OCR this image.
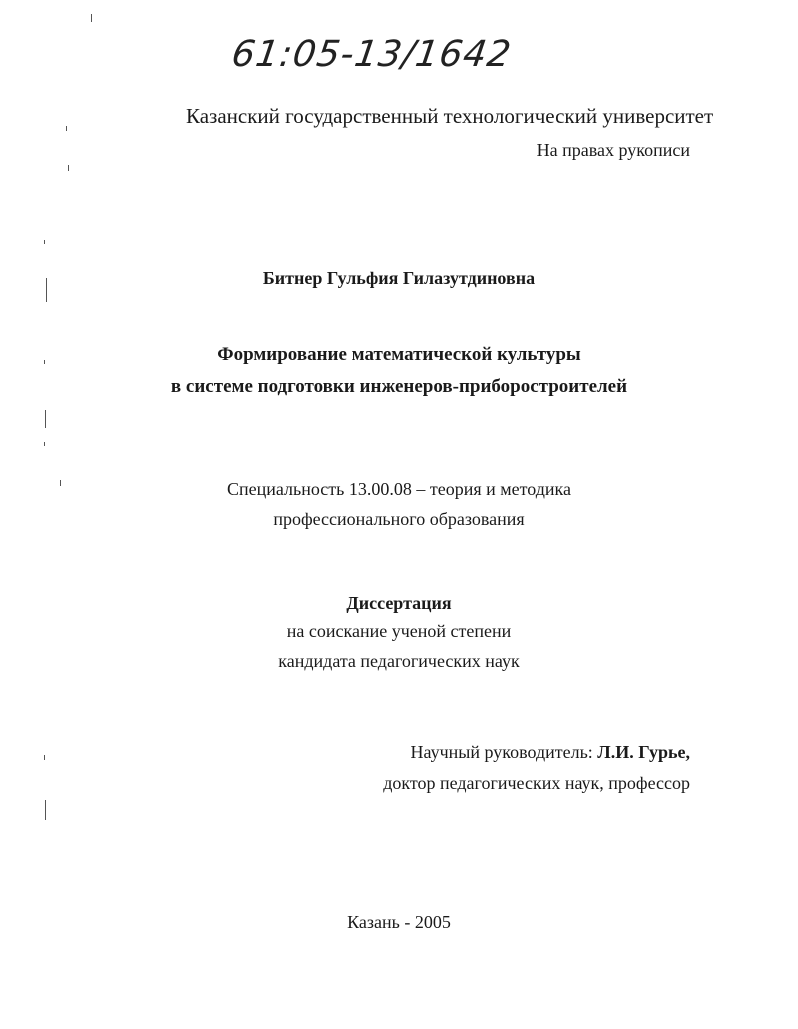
61:05-13/1642
Казанский государственный технологический университет
На правах рукописи
Битнер Гульфия Гилазутдиновна
Формирование математической культуры
в системе подготовки инженеров-приборостроителей
Специальность 13.00.08 – теория и методика
профессионального образования
Диссертация
на соискание ученой степени
кандидата педагогических наук
Научный руководитель: Л.И. Гурье,
доктор педагогических наук, профессор
Казань - 2005
